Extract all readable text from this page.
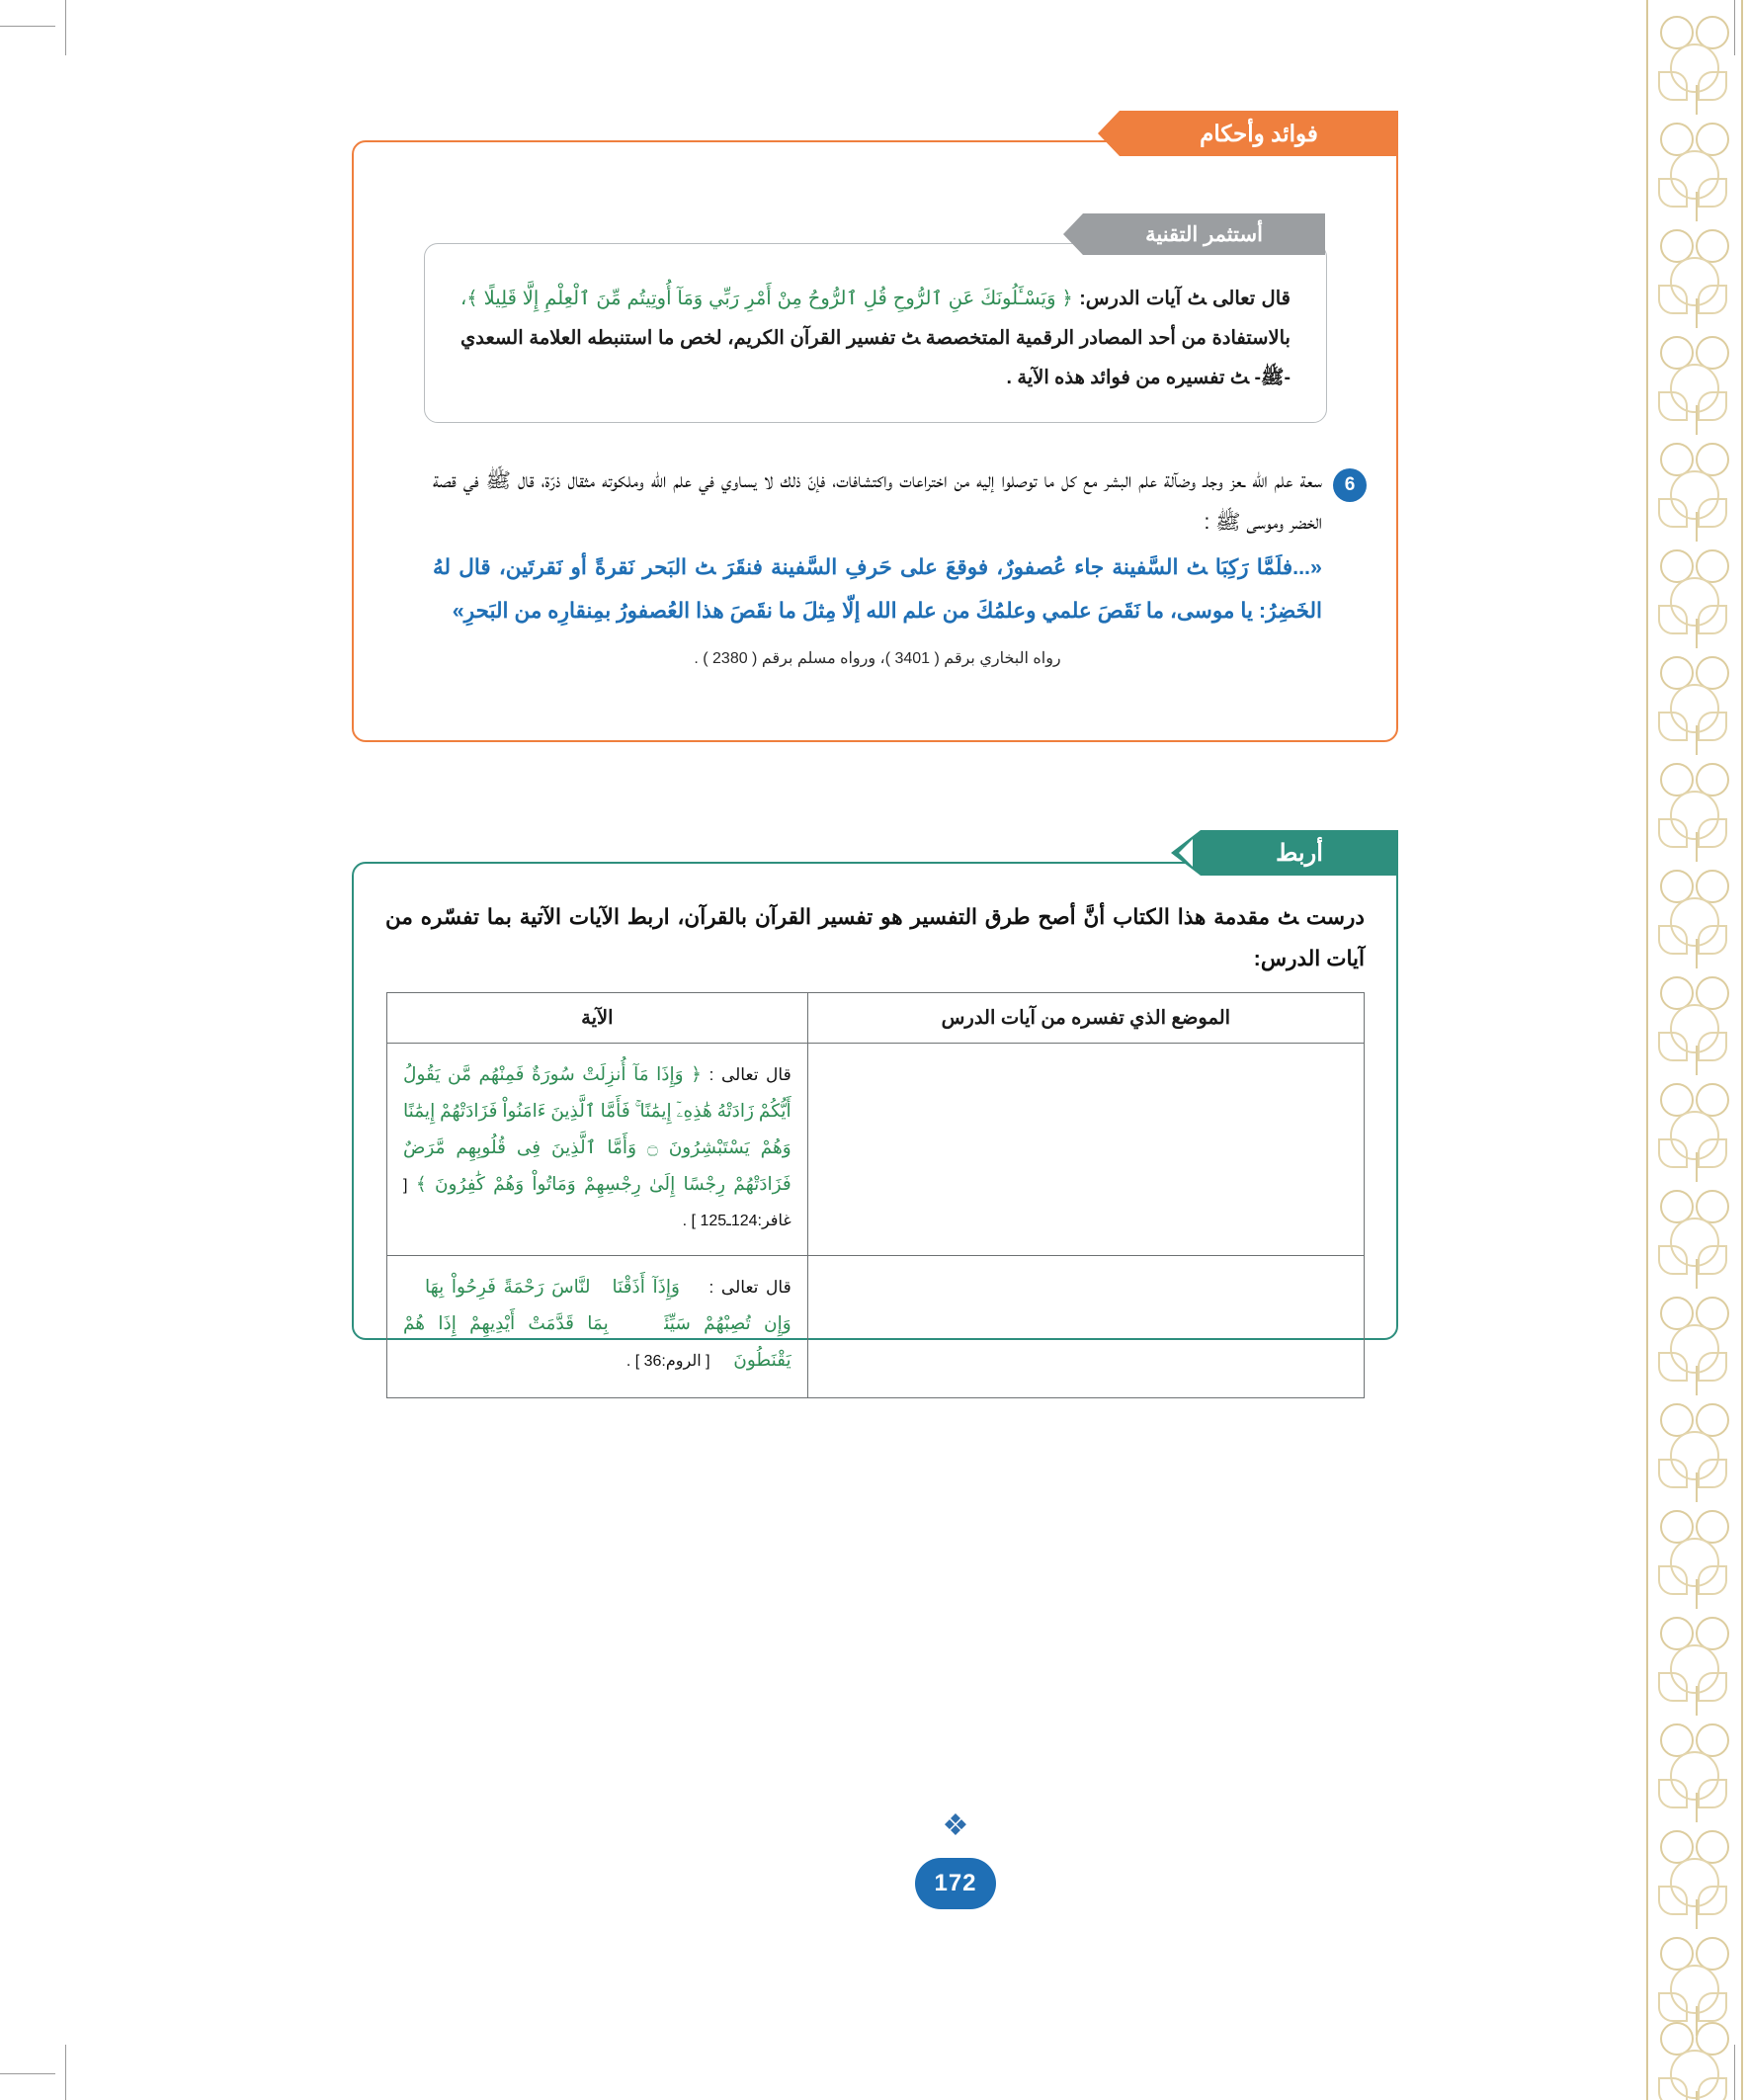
فوائد وأحكام
أستثمر التقنية
قال تعالى ﭧ آيات الدرس: ﴿ وَيَسْـَٔلُونَكَ عَنِ ٱلرُّوحِ قُلِ ٱلرُّوحُ مِنْ أَمْرِ رَبِّي وَمَآ أُوتِيتُم مِّنَ ٱلْعِلْمِ إِلَّا قَلِيلًا ﴾، بالاستفادة من أحد المصادر الرقمية المتخصصة ﭧ تفسير القرآن الكريم، لخص ما استنبطه العلامة السعدي -ﷺ- ﭧ تفسيره من فوائد هذه الآية .
6
سعة علم الله ـعز وجلـ وضآلة علم البشر مع كل ما توصلوا إليه من اختراعات واكتشافات، فإنّ ذلك لا يساوي في علم الله وملكوته مثقال ذرّة، قال ﷺ في قصة الخضر وموسى ﷺ :
«...فلَمَّا رَكِبَا ﭧ السَّفينة جاء عُصفورٌ، فوقعَ على حَرفِ السَّفينة فنقَرَ ﭧ البَحر نَقرةً أو نَقرتَين، قال لهُ الخَضِرُ: يا موسى، ما نَقَصَ علمي وعلمُكَ من علم الله إلّا مِثلَ ما نقَصَ هذا العُصفورُ بمِنقارِه من البَحرِ»
رواه البخاري برقم ( 3401 )، ورواه مسلم برقم ( 2380 ) .
أربط
درست ﭧ مقدمة هذا الكتاب أنَّ أصح طرق التفسير هو تفسير القرآن بالقرآن، اربط الآيات الآتية بما تفسّره من آيات الدرس:
الموضع الذي تفسره من آيات الدرس	الآية
	قال تعالى : ﴿ وَإِذَا مَآ أُنزِلَتْ سُورَةٌ فَمِنْهُم مَّن يَقُولُ أَيُّكُمْ زَادَتْهُ هَٰذِهِۦٓ إِيمَٰنًا ۚ فَأَمَّا ٱلَّذِينَ ءَامَنُواْ فَزَادَتْهُمْ إِيمَٰنًا وَهُمْ يَسْتَبْشِرُونَ ۝ وَأَمَّا ٱلَّذِينَ فِى قُلُوبِهِم مَّرَضٌ فَزَادَتْهُمْ رِجْسًا إِلَىٰ رِجْسِهِمْ وَمَاتُواْ وَهُمْ كَٰفِرُونَ ﴾ [ غافر:124ـ125 ] .
	قال تعالى : ﴿ وَإِذَآ أَذَقْنَا ٱلنَّاسَ رَحْمَةً فَرِحُواْ بِهَا ۖ وَإِن تُصِبْهُمْ سَيِّئَةٌۢ بِمَا قَدَّمَتْ أَيْدِيهِمْ إِذَا هُمْ يَقْنَطُونَ ﴾ [ الروم:36 ] .
❖
172
